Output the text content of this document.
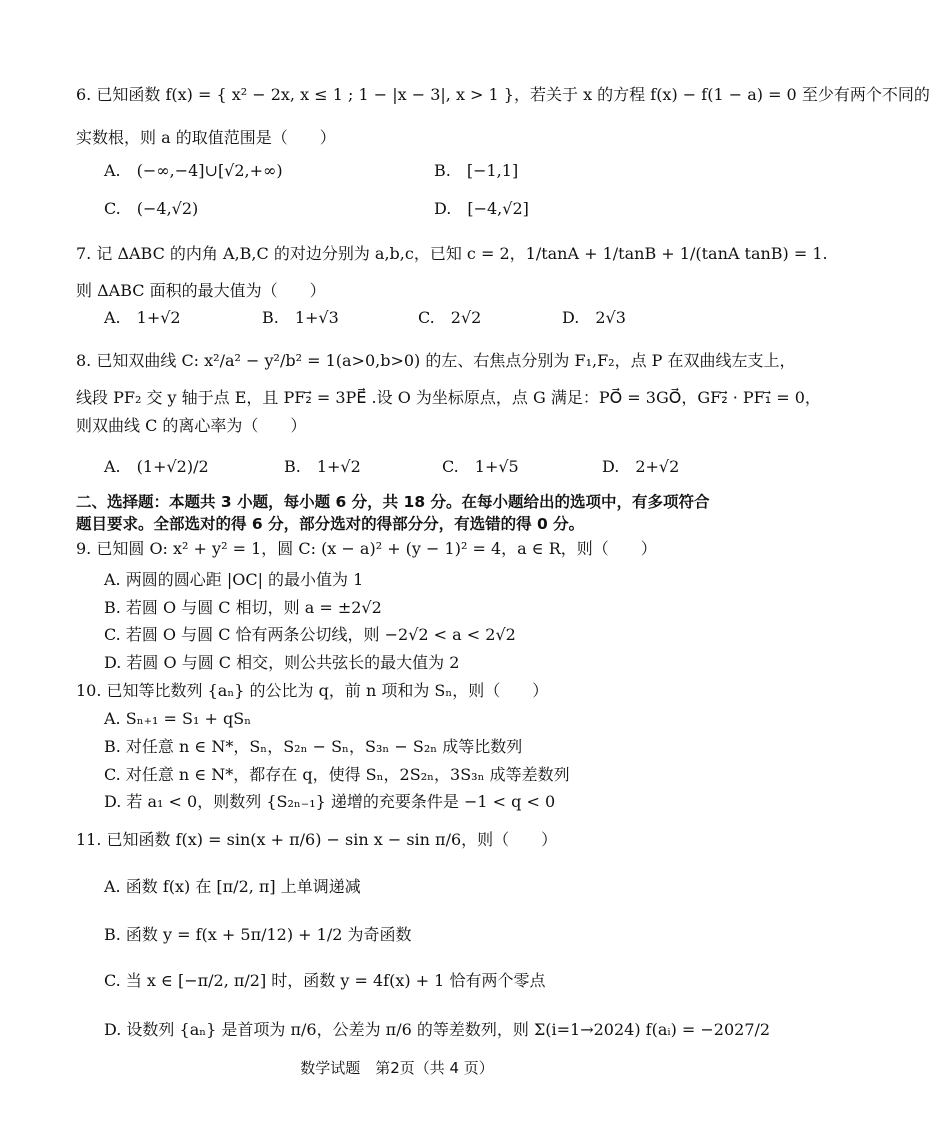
6. 已知函数 f(x) = { x² − 2x, x ≤ 1 ; 1 − |x − 3|, x > 1 }，若关于 x 的方程 f(x) − f(1 − a) = 0 至少有两个不同的
实数根，则 a 的取值范围是（　　）
A.　(−∞,−4]∪[√2,+∞)	B.　[−1,1]
C.　(−4,√2)	D.　[−4,√2]
7. 记 ΔABC 的内角 A,B,C 的对边分别为 a,b,c，已知 c = 2，1/tanA + 1/tanB + 1/(tanA tanB) = 1.
则 ΔABC 面积的最大值为（　　）
A.　1+√2	B.　1+√3	C.　2√2	D.　2√3
8. 已知双曲线 C: x²/a² − y²/b² = 1(a>0,b>0) 的左、右焦点分别为 F₁,F₂，点 P 在双曲线左支上，
线段 PF₂ 交 y 轴于点 E，且 PF₂⃗ = 3PE⃗ .设 O 为坐标原点，点 G 满足：PO⃗ = 3GO⃗，GF₂⃗ · PF₁⃗ = 0，
则双曲线 C 的离心率为（　　）
A.　(1+√2)/2	B.　1+√2	C.　1+√5	D.　2+√2
二、选择题：本题共 3 小题，每小题 6 分，共 18 分。在每小题给出的选项中，有多项符合
题目要求。全部选对的得 6 分，部分选对的得部分分，有选错的得 0 分。
9. 已知圆 O: x² + y² = 1，圆 C: (x − a)² + (y − 1)² = 4，a ∈ R，则（　　）
A. 两圆的圆心距 |OC| 的最小值为 1
B. 若圆 O 与圆 C 相切，则 a = ±2√2
C. 若圆 O 与圆 C 恰有两条公切线，则 −2√2 < a < 2√2
D. 若圆 O 与圆 C 相交，则公共弦长的最大值为 2
10. 已知等比数列 {aₙ} 的公比为 q，前 n 项和为 Sₙ，则（　　）
A. Sₙ₊₁ = S₁ + qSₙ
B. 对任意 n ∈ N*，Sₙ，S₂ₙ − Sₙ，S₃ₙ − S₂ₙ 成等比数列
C. 对任意 n ∈ N*，都存在 q，使得 Sₙ，2S₂ₙ，3S₃ₙ 成等差数列
D. 若 a₁ < 0，则数列 {S₂ₙ₋₁} 递增的充要条件是 −1 < q < 0
11. 已知函数 f(x) = sin(x + π/6) − sin x − sin π/6，则（　　）
A. 函数 f(x) 在 [π/2, π] 上单调递减
B. 函数 y = f(x + 5π/12) + 1/2 为奇函数
C. 当 x ∈ [−π/2, π/2] 时，函数 y = 4f(x) + 1 恰有两个零点
D. 设数列 {aₙ} 是首项为 π/6，公差为 π/6 的等差数列，则 Σ(i=1→2024) f(aᵢ) = −2027/2
数学试题　第2页（共 4 页）
